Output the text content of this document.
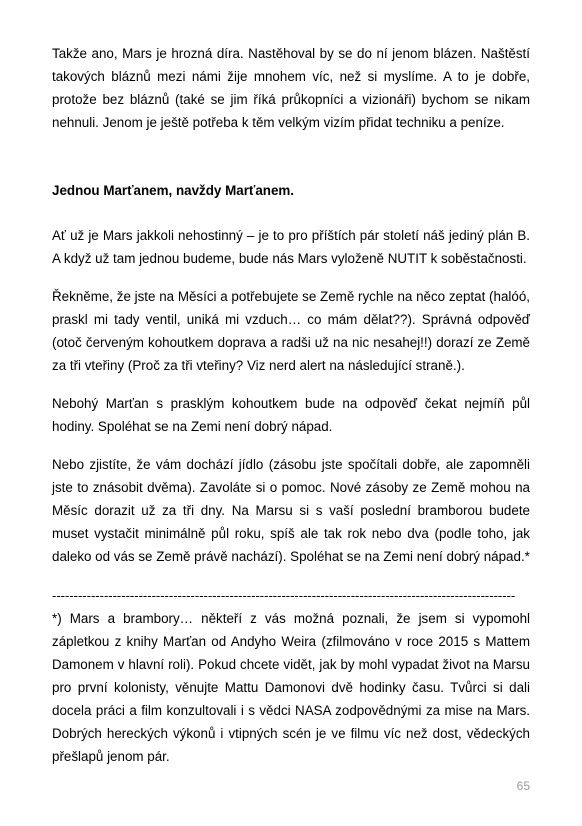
Takže ano, Mars je hrozná díra. Nastěhoval by se do ní jenom blázen. Naštěstí takových bláznů mezi námi žije mnohem víc, než si myslíme. A to je dobře, protože bez bláznů (také se jim říká průkopníci a vizionáři) bychom se nikam nehnuli. Jenom je ještě potřeba k těm velkým vizím přidat techniku a peníze.

Jednou Marťanem, navždy Marťanem.

Ať už je Mars jakkoli nehostinný – je to pro příštích pár století náš jediný plán B. A když už tam jednou budeme, bude nás Mars vyloženě NUTIT k soběstačnosti.

Řekněme, že jste na Měsíci a potřebujete se Země rychle na něco zeptat (halóó, praskl mi tady ventil, uniká mi vzduch… co mám dělat??). Správná odpověď (otoč červeným kohoutkem doprava a radši už na nic nesahej!!) dorazí ze Země za tři vteřiny (Proč za tři vteřiny? Viz nerd alert na následující straně.).

Nebohý Marťan s prasklým kohoutkem bude na odpověď čekat nejmíň půl hodiny. Spoléhat se na Zemi není dobrý nápad.

Nebo zjistíte, že vám dochází jídlo (zásobu jste spočítali dobře, ale zapomněli jste to znásobit dvěma). Zavoláte si o pomoc. Nové zásoby ze Země mohou na Měsíc dorazit už za tři dny. Na Marsu si s vaší poslední bramborou budete muset vystačit minimálně půl roku, spíš ale tak rok nebo dva (podle toho, jak daleko od vás se Země právě nachází). Spoléhat se na Zemi není dobrý nápad.*

-----------------------------------------------------------------------------------------------------------

*) Mars a brambory… někteří z vás možná poznali, že jsem si vypomohl zápletkou z knihy Marťan od Andyho Weira (zfilmováno v roce 2015 s Mattem Damonem v hlavní roli). Pokud chcete vidět, jak by mohl vypadat život na Marsu pro první kolonisty, věnujte Mattu Damonovi dvě hodinky času. Tvůrci si dali docela práci a film konzultovali i s vědci NASA zodpovědnými za mise na Mars. Dobrých hereckých výkonů i vtipných scén je ve filmu víc než dost, vědeckých přešlapů jenom pár.

65
